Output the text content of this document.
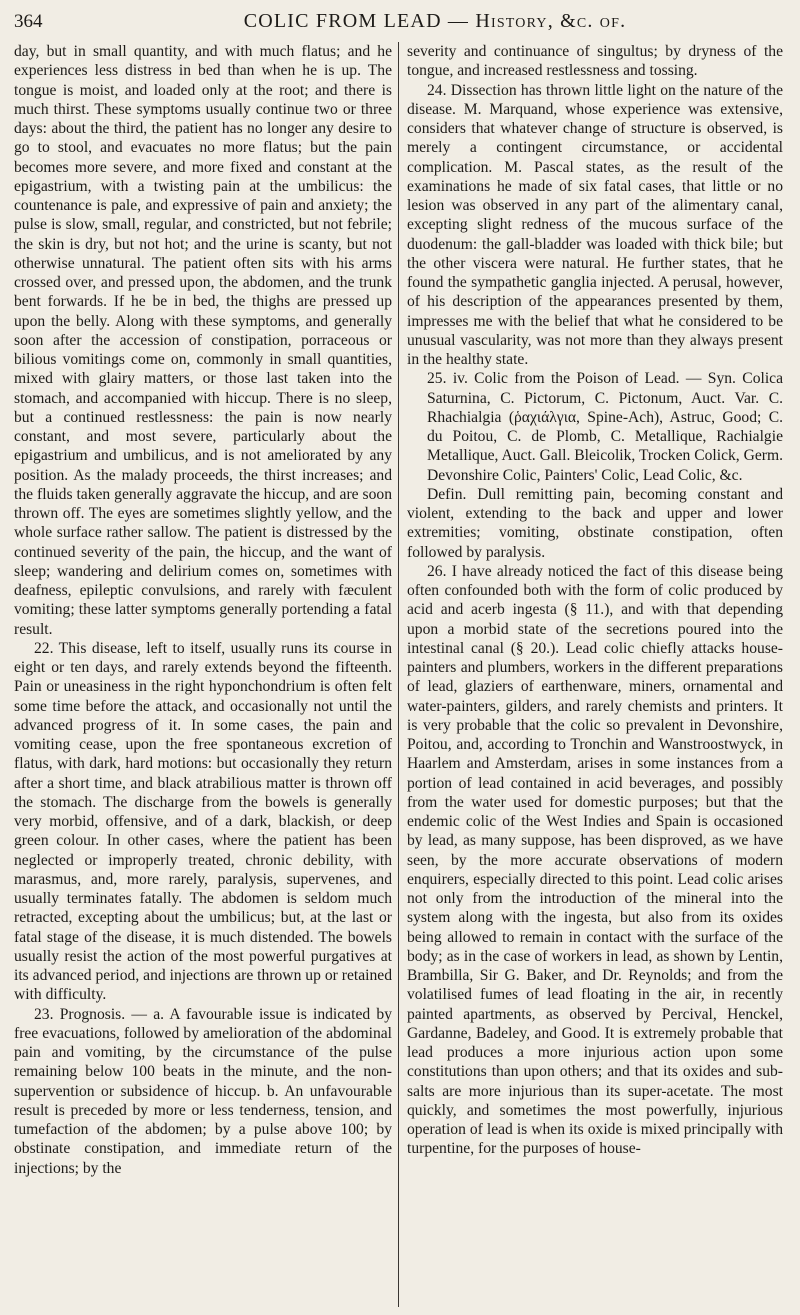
364	COLIC FROM LEAD — History, &c. of.

day, but in small quantity, and with much flatus; and he experiences less distress in bed than when he is up. The tongue is moist, and loaded only at the root; and there is much thirst. These symptoms usually continue two or three days: about the third, the patient has no longer any desire to go to stool, and evacuates no more flatus; but the pain becomes more severe, and more fixed and constant at the epigastrium, with a twisting pain at the umbilicus: the countenance is pale, and expressive of pain and anxiety; the pulse is slow, small, regular, and constricted, but not febrile; the skin is dry, but not hot; and the urine is scanty, but not otherwise unnatural. The patient often sits with his arms crossed over, and pressed upon, the abdomen, and the trunk bent forwards. If he be in bed, the thighs are pressed up upon the belly. Along with these symptoms, and generally soon after the accession of constipation, porraceous or bilious vomitings come on, commonly in small quantities, mixed with glairy matters, or those last taken into the stomach, and accompanied with hiccup. There is no sleep, but a continued restlessness: the pain is now nearly constant, and most severe, particularly about the epigastrium and umbilicus, and is not ameliorated by any position. As the malady proceeds, the thirst increases; and the fluids taken generally aggravate the hiccup, and are soon thrown off. The eyes are sometimes slightly yellow, and the whole surface rather sallow. The patient is distressed by the continued severity of the pain, the hiccup, and the want of sleep; wandering and delirium comes on, sometimes with deafness, epileptic convulsions, and rarely with fæculent vomiting; these latter symptoms generally portending a fatal result.

22. This disease, left to itself, usually runs its course in eight or ten days, and rarely extends beyond the fifteenth. Pain or uneasiness in the right hyponchondrium is often felt some time before the attack, and occasionally not until the advanced progress of it. In some cases, the pain and vomiting cease, upon the free spontaneous excretion of flatus, with dark, hard motions: but occasionally they return after a short time, and black atrabilious matter is thrown off the stomach. The discharge from the bowels is generally very morbid, offensive, and of a dark, blackish, or deep green colour. In other cases, where the patient has been neglected or improperly treated, chronic debility, with marasmus, and, more rarely, paralysis, supervenes, and usually terminates fatally. The abdomen is seldom much retracted, excepting about the umbilicus; but, at the last or fatal stage of the disease, it is much distended. The bowels usually resist the action of the most powerful purgatives at its advanced period, and injections are thrown up or retained with difficulty.

23. Prognosis. — a. A favourable issue is indicated by free evacuations, followed by amelioration of the abdominal pain and vomiting, by the circumstance of the pulse remaining below 100 beats in the minute, and the non-supervention or subsidence of hiccup. b. An unfavourable result is preceded by more or less tenderness, tension, and tumefaction of the abdomen; by a pulse above 100; by obstinate constipation, and immediate return of the injections; by the

severity and continuance of singultus; by dryness of the tongue, and increased restlessness and tossing.

24. Dissection has thrown little light on the nature of the disease. M. Marquand, whose experience was extensive, considers that whatever change of structure is observed, is merely a contingent circumstance, or accidental complication. M. Pascal states, as the result of the examinations he made of six fatal cases, that little or no lesion was observed in any part of the alimentary canal, excepting slight redness of the mucous surface of the duodenum: the gall-bladder was loaded with thick bile; but the other viscera were natural. He further states, that he found the sympathetic ganglia injected. A perusal, however, of his description of the appearances presented by them, impresses me with the belief that what he considered to be unusual vascularity, was not more than they always present in the healthy state.

25. iv. Colic from the Poison of Lead. — Syn. Colica Saturnina, C. Pictorum, C. Pictonum, Auct. Var. C. Rhachialgia (ῥαχιάλγια, Spine-Ach), Astruc, Good; C. du Poitou, C. de Plomb, C. Metallique, Rachialgie Metallique, Auct. Gall. Bleicolik, Trocken Colick, Germ. Devonshire Colic, Painters' Colic, Lead Colic, &c.

Defin. Dull remitting pain, becoming constant and violent, extending to the back and upper and lower extremities; vomiting, obstinate constipation, often followed by paralysis.

26. I have already noticed the fact of this disease being often confounded both with the form of colic produced by acid and acerb ingesta (§ 11.), and with that depending upon a morbid state of the secretions poured into the intestinal canal (§ 20.). Lead colic chiefly attacks house-painters and plumbers, workers in the different preparations of lead, glaziers of earthenware, miners, ornamental and water-painters, gilders, and rarely chemists and printers. It is very probable that the colic so prevalent in Devonshire, Poitou, and, according to Tronchin and Wanstroostwyck, in Haarlem and Amsterdam, arises in some instances from a portion of lead contained in acid beverages, and possibly from the water used for domestic purposes; but that the endemic colic of the West Indies and Spain is occasioned by lead, as many suppose, has been disproved, as we have seen, by the more accurate observations of modern enquirers, especially directed to this point. Lead colic arises not only from the introduction of the mineral into the system along with the ingesta, but also from its oxides being allowed to remain in contact with the surface of the body; as in the case of workers in lead, as shown by Lentin, Brambilla, Sir G. Baker, and Dr. Reynolds; and from the volatilised fumes of lead floating in the air, in recently painted apartments, as observed by Percival, Henckel, Gardanne, Badeley, and Good. It is extremely probable that lead produces a more injurious action upon some constitutions than upon others; and that its oxides and sub-salts are more injurious than its super-acetate. The most quickly, and sometimes the most powerfully, injurious operation of lead is when its oxide is mixed principally with turpentine, for the purposes of house-
